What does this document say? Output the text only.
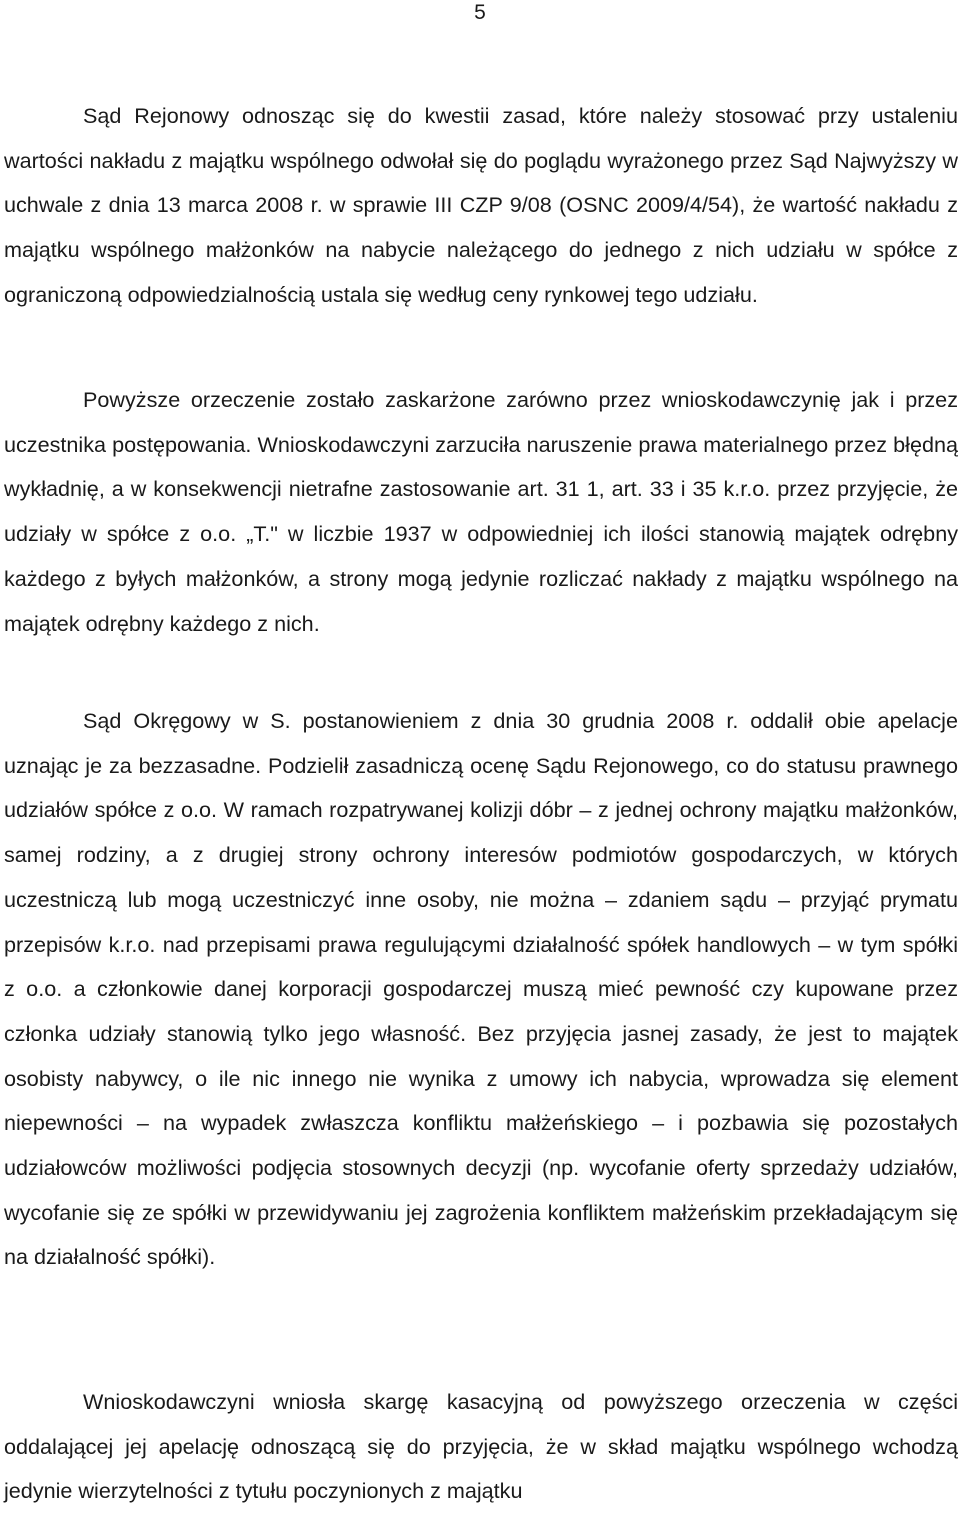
5

Sąd Rejonowy odnosząc się do kwestii zasad, które należy stosować przy ustaleniu wartości nakładu z majątku wspólnego odwołał się do poglądu wyrażonego przez Sąd Najwyższy w uchwale z dnia 13 marca 2008 r. w sprawie III CZP 9/08 (OSNC 2009/4/54), że wartość nakładu z majątku wspólnego małżonków na nabycie należącego do jednego z nich udziału w spółce z ograniczoną odpowiedzialnością ustala się według ceny rynkowej tego udziału.

Powyższe orzeczenie zostało zaskarżone zarówno przez wnioskodawczynię jak i przez uczestnika postępowania. Wnioskodawczyni zarzuciła naruszenie prawa materialnego przez błędną wykładnię, a w konsekwencji nietrafne zastosowanie art. 31 1, art. 33 i 35 k.r.o. przez przyjęcie, że udziały w spółce z o.o. „T." w liczbie 1937 w odpowiedniej ich ilości stanowią majątek odrębny każdego z byłych małżonków, a strony mogą jedynie rozliczać nakłady z majątku wspólnego na majątek odrębny każdego z nich.

Sąd Okręgowy w S. postanowieniem z dnia 30 grudnia 2008 r. oddalił obie apelacje uznając je za bezzasadne. Podzielił zasadniczą ocenę Sądu Rejonowego, co do statusu prawnego udziałów spółce z o.o. W ramach rozpatrywanej kolizji dóbr – z jednej ochrony majątku małżonków, samej rodziny, a z drugiej strony ochrony interesów podmiotów gospodarczych, w których uczestniczą lub mogą uczestniczyć inne osoby, nie można – zdaniem sądu – przyjąć prymatu przepisów k.r.o. nad przepisami prawa regulującymi działalność spółek handlowych – w tym spółki z o.o. a członkowie danej korporacji gospodarczej muszą mieć pewność czy kupowane przez członka udziały stanowią tylko jego własność. Bez przyjęcia jasnej zasady, że jest to majątek osobisty nabywcy, o ile nic innego nie wynika z umowy ich nabycia, wprowadza się element niepewności – na wypadek zwłaszcza konfliktu małżeńskiego – i pozbawia się pozostałych udziałowców możliwości podjęcia stosownych decyzji (np. wycofanie oferty sprzedaży udziałów, wycofanie się ze spółki w przewidywaniu jej zagrożenia konfliktem małżeńskim przekładającym się na działalność spółki).

Wnioskodawczyni wniosła skargę kasacyjną od powyższego orzeczenia w części oddalającej jej apelację odnoszącą się do przyjęcia, że w skład majątku wspólnego wchodzą jedynie wierzytelności z tytułu poczynionych z majątku
